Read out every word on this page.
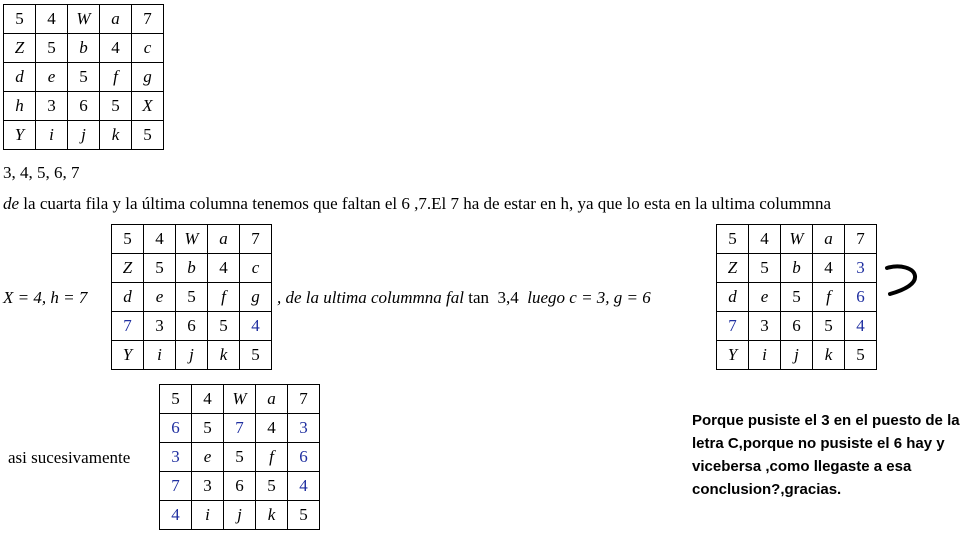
5	4	W	a	7
Z	5	b	4	c
d	e	5	f	g
h	3	6	5	X
Y	i	j	k	5
3, 4, 5, 6, 7
de la cuarta fila y la última columna tenemos que faltan el 6 ,7.El 7 ha de estar en h, ya que lo esta en la ultima colummna
X = 4, h = 7
5	4	W	a	7
Z	5	b	4	c
d	e	5	f	g
7	3	6	5	4
Y	i	j	k	5
, de la ultima colummna fal tan 3,4 luego c = 3, g = 6
5	4	W	a	7
Z	5	b	4	3
d	e	5	f	6
7	3	6	5	4
Y	i	j	k	5
asi sucesivamente
5	4	W	a	7
6	5	7	4	3
3	e	5	f	6
7	3	6	5	4
4	i	j	k	5
Porque pusiste el 3 en el puesto de la letra C,porque no pusiste el 6 hay y vicebersa ,como llegaste a esa conclusion?,gracias.
